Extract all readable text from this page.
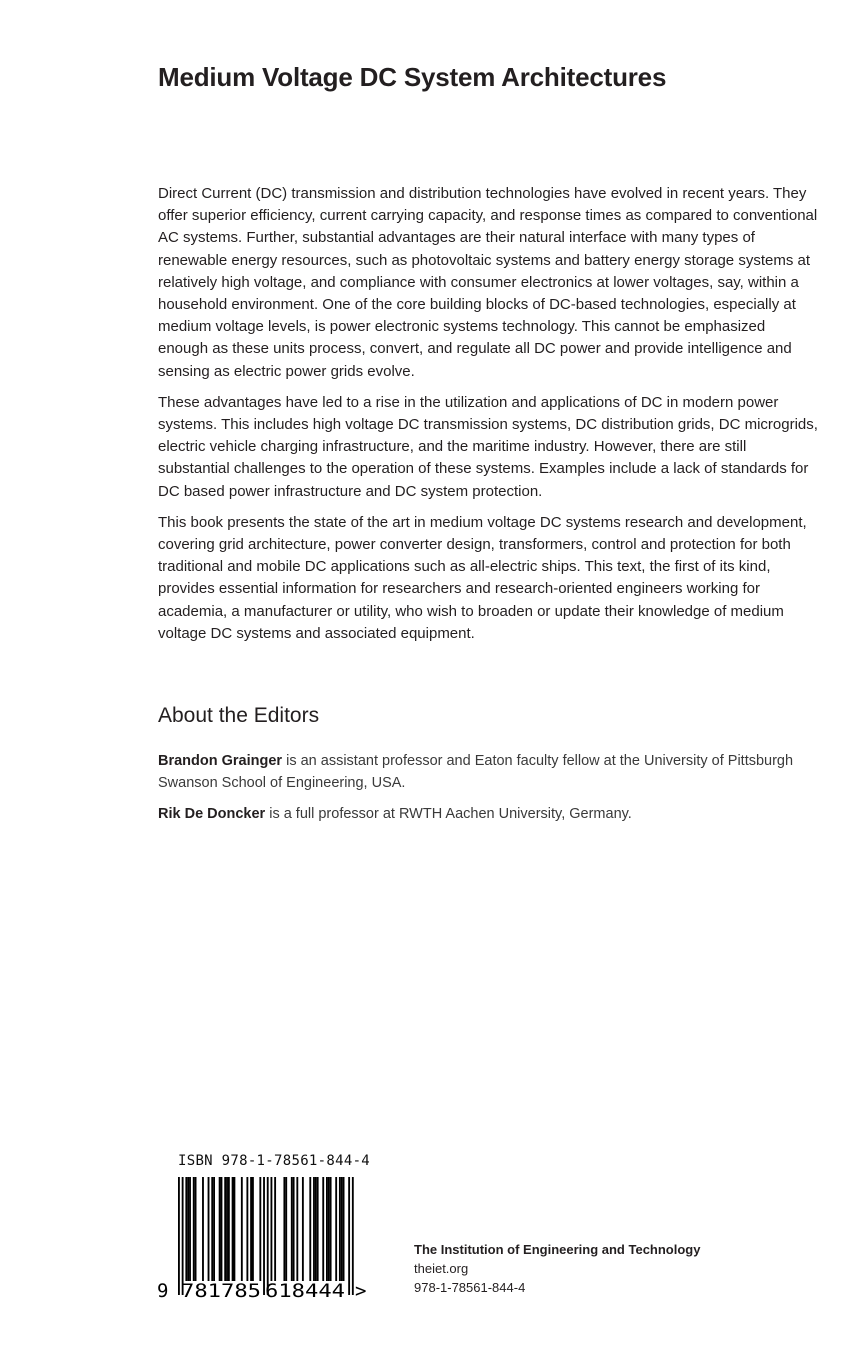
Medium Voltage DC System Architectures

Direct Current (DC) transmission and distribution technologies have evolved in recent years. They offer superior efficiency, current carrying capacity, and response times as compared to conventional AC systems. Further, substantial advantages are their natural interface with many types of renewable energy resources, such as photovoltaic systems and battery energy storage systems at relatively high voltage, and compliance with consumer electronics at lower voltages, say, within a household environment. One of the core building blocks of DC-based technologies, especially at medium voltage levels, is power electronic systems technology. This cannot be emphasized enough as these units process, convert, and regulate all DC power and provide intelligence and sensing as electric power grids evolve.

These advantages have led to a rise in the utilization and applications of DC in modern power systems. This includes high voltage DC transmission systems, DC distribution grids, DC microgrids, electric vehicle charging infrastructure, and the maritime industry. However, there are still substantial challenges to the operation of these systems. Examples include a lack of standards for DC based power infrastructure and DC system protection.

This book presents the state of the art in medium voltage DC systems research and development, covering grid architecture, power converter design, transformers, control and protection for both traditional and mobile DC applications such as all-electric ships. This text, the first of its kind, provides essential information for researchers and research-oriented engineers working for academia, a manufacturer or utility, who wish to broaden or update their knowledge of medium voltage DC systems and associated equipment.

About the Editors

Brandon Grainger is an assistant professor and Eaton faculty fellow at the University of Pittsburgh Swanson School of Engineering, USA.

Rik De Doncker is a full professor at RWTH Aachen University, Germany.

ISBN 978-1-78561-844-4
9 781785 618444 >
The Institution of Engineering and Technology
theiet.org
978-1-78561-844-4
